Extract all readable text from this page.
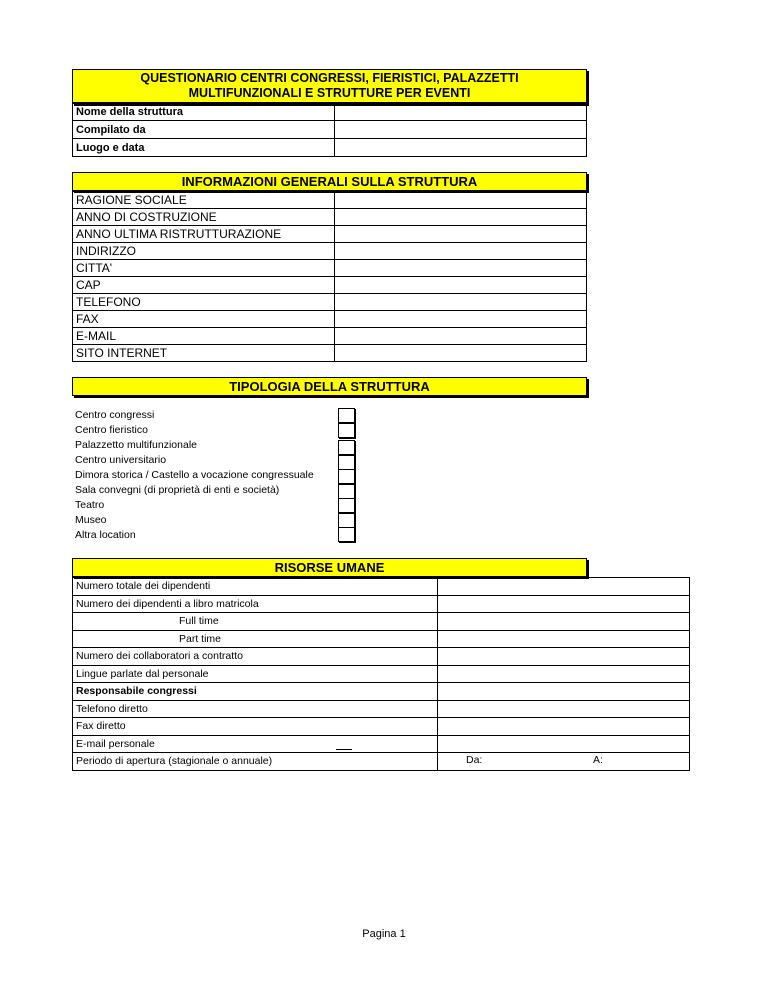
QUESTIONARIO CENTRI CONGRESSI, FIERISTICI, PALAZZETTI
MULTIFUNZIONALI E STRUTTURE PER EVENTI
Nome della struttura	
Compilato da	
Luogo e data	
INFORMAZIONI GENERALI SULLA STRUTTURA
RAGIONE SOCIALE	
ANNO DI COSTRUZIONE	
ANNO ULTIMA RISTRUTTURAZIONE	
INDIRIZZO	
CITTA'	
CAP	
TELEFONO	
FAX	
E-MAIL	
SITO INTERNET	
TIPOLOGIA DELLA STRUTTURA
Centro congressi
Centro fieristico
Palazzetto multifunzionale
Centro universitario
Dimora storica / Castello a vocazione congressuale
Sala convegni (di proprietà di enti e società)
Teatro
Museo
Altra location
RISORSE UMANE
Numero totale dei dipendenti	
Numero dei dipendenti a libro matricola	
Full time	
Part time	
Numero dei collaboratori a contratto	
Lingue parlate dal personale	
Responsabile congressi	
Telefono diretto	
Fax diretto	
E-mail personale	
Periodo di apertura (stagionale o annuale)	Da: A:
Pagina 1
